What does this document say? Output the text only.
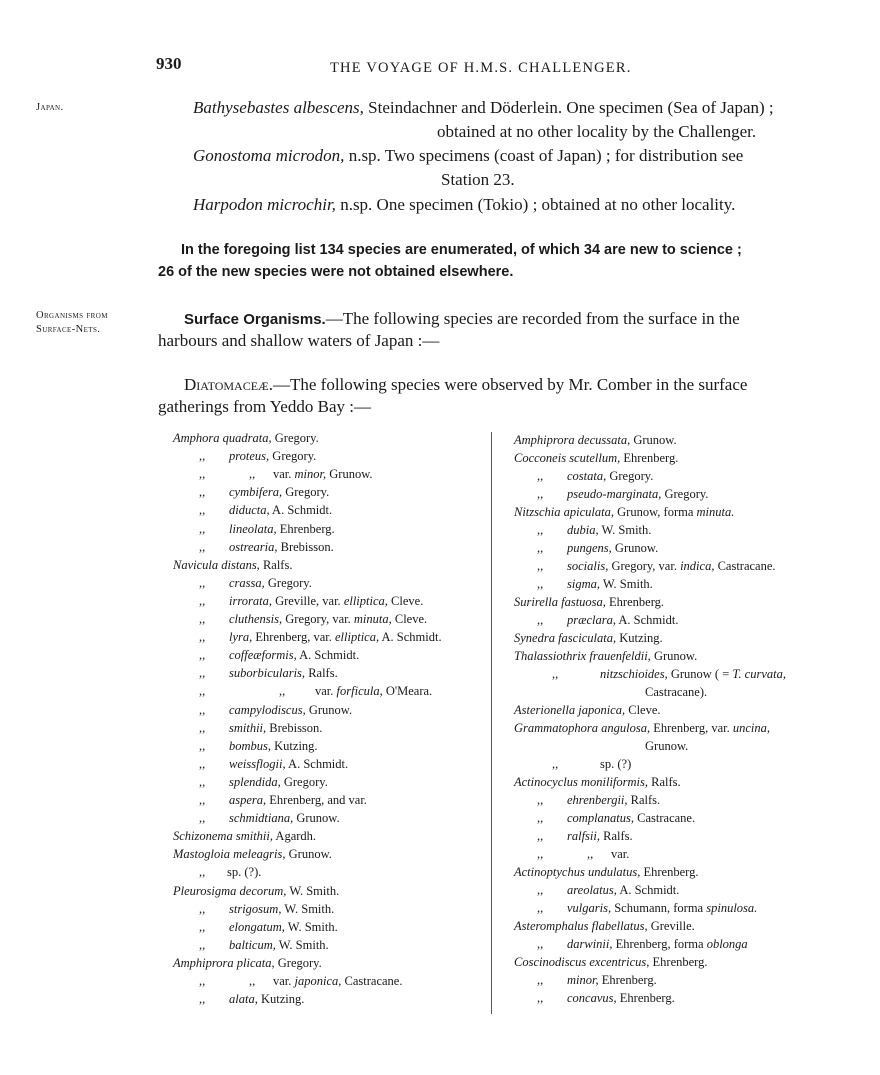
930	THE VOYAGE OF H.M.S. CHALLENGER.
Japan.
Organisms from
Surface-Nets.
Bathysebastes albescens, Steindachner and Döderlein. One specimen (Sea of Japan) ;
obtained at no other locality by the Challenger.
Gonostoma microdon, n.sp. Two specimens (coast of Japan) ; for distribution see
Station 23.
Harpodon microchir, n.sp. One specimen (Tokio) ; obtained at no other locality.
In the foregoing list 134 species are enumerated, of which 34 are new to science ;
26 of the new species were not obtained elsewhere.
Surface Organisms.—The following species are recorded from the surface in the
harbours and shallow waters of Japan :—
Diatomaceæ.—The following species were observed by Mr. Comber in the surface
gatherings from Yeddo Bay :—
Amphora quadrata, Gregory.
,, proteus, Gregory.
,,	,, var. minor, Grunow.
,, cymbifera, Gregory.
,, diducta, A. Schmidt.
,, lineolata, Ehrenberg.
,, ostrearia, Brebisson.
Navicula distans, Ralfs.
,, crassa, Gregory.
,, irrorata, Greville, var. elliptica, Cleve.
,, cluthensis, Gregory, var. minuta, Cleve.
,, lyra, Ehrenberg, var. elliptica, A. Schmidt.
,, coffeæformis, A. Schmidt.
,, suborbicularis, Ralfs.
,,	,, var. forficula, O'Meara.
,, campylodiscus, Grunow.
,, smithii, Brebisson.
,, bombus, Kutzing.
,, weissflogii, A. Schmidt.
,, splendida, Gregory.
,, aspera, Ehrenberg, and var.
,, schmidtiana, Grunow.
Schizonema smithii, Agardh.
Mastogloia meleagris, Grunow.
,, sp. (?).
Pleurosigma decorum, W. Smith.
,, strigosum, W. Smith.
,, elongatum, W. Smith.
,, balticum, W. Smith.
Amphiprora plicata, Gregory.
,,	,, var. japonica, Castracane.
,, alata, Kutzing.
Amphiprora decussata, Grunow.
Cocconeis scutellum, Ehrenberg.
,, costata, Gregory.
,, pseudo-marginata, Gregory.
Nitzschia apiculata, Grunow, forma minuta.
,, dubia, W. Smith.
,, pungens, Grunow.
,, socialis, Gregory, var. indica, Castracane.
,, sigma, W. Smith.
Surirella fastuosa, Ehrenberg.
,, præclara, A. Schmidt.
Synedra fasciculata, Kutzing.
Thalassiothrix frauenfeldii, Grunow.
,,	nitzschioides, Grunow ( = T. curvata,
Castracane).
Asterionella japonica, Cleve.
Grammatophora angulosa, Ehrenberg, var. uncina,
Grunow.
,,	sp. (?)
Actinocyclus moniliformis, Ralfs.
,, ehrenbergii, Ralfs.
,, complanatus, Castracane.
,, ralfsii, Ralfs.
,,	,, var.
Actinoptychus undulatus, Ehrenberg.
,, areolatus, A. Schmidt.
,, vulgaris, Schumann, forma spinulosa.
Asteromphalus flabellatus, Greville.
,, darwinii, Ehrenberg, forma oblonga
Coscinodiscus excentricus, Ehrenberg.
,, minor, Ehrenberg.
,, concavus, Ehrenberg.
